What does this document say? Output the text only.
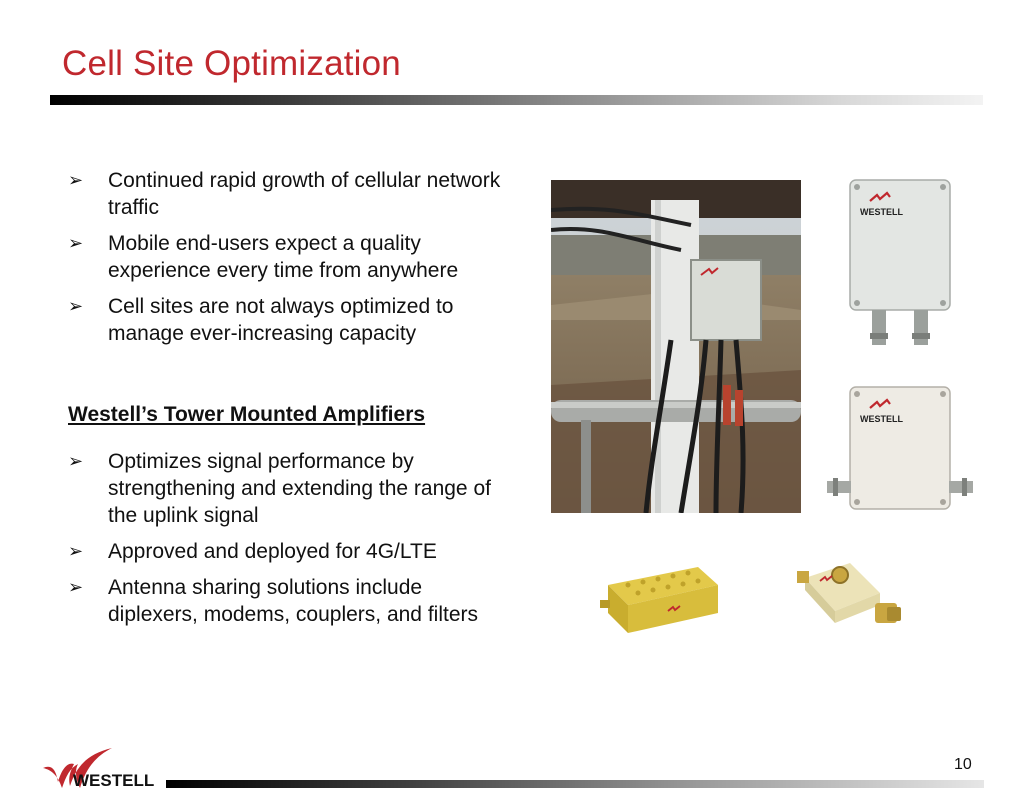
Cell Site Optimization
➢ Continued rapid growth of cellular network traffic
➢ Mobile end-users expect a quality experience every time from anywhere
➢ Cell sites are not always optimized to manage ever-increasing capacity
Westell’s Tower Mounted Amplifiers
➢ Optimizes signal performance by strengthening and extending the range of the uplink signal
➢ Approved and deployed for 4G/LTE
➢ Antenna sharing solutions include diplexers, modems, couplers, and filters
WESTELL
WESTELL
WESTELL
10
